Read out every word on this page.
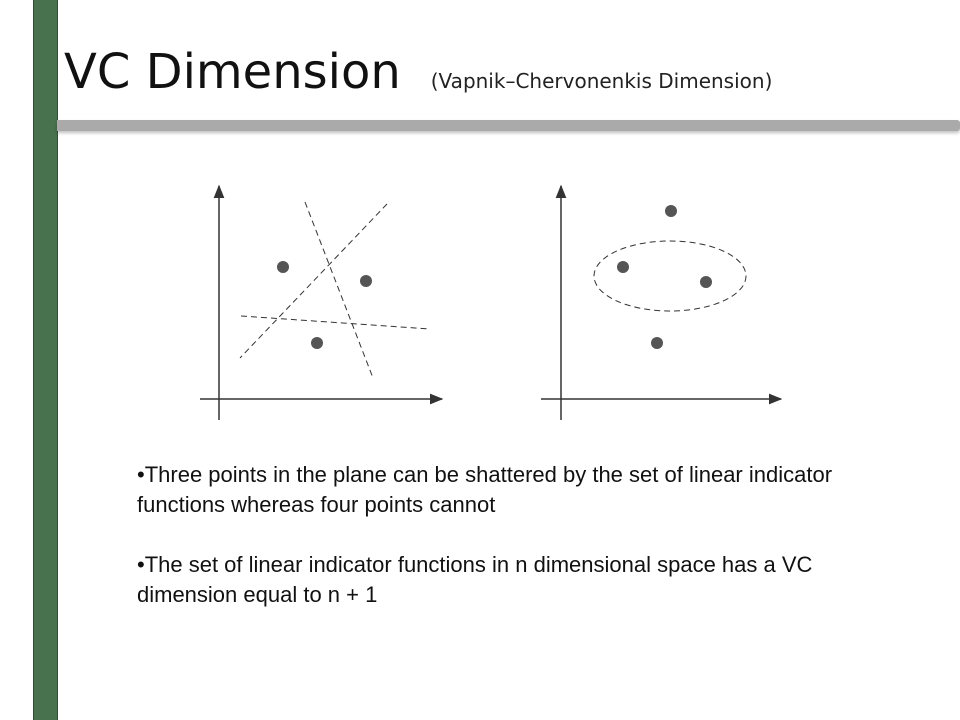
VC Dimension (Vapnik–Chervonenkis Dimension)
•Three points in the plane can be shattered by the set of linear indicator functions whereas four points cannot
•The set of linear indicator functions in n dimensional space has a VC dimension equal to n + 1
